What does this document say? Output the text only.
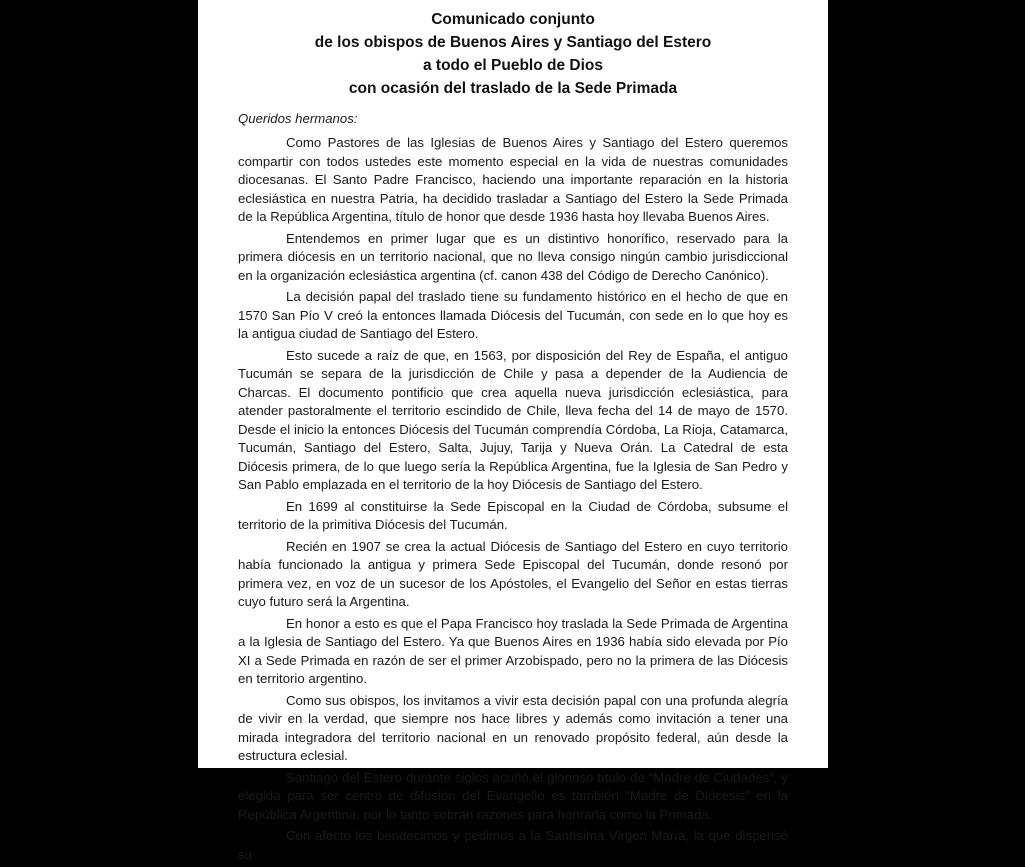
Comunicado conjunto
de los obispos de Buenos Aires y Santiago del Estero
a todo el Pueblo de Dios
con ocasión del traslado de la Sede Primada

Queridos hermanos:

Como Pastores de las Iglesias de Buenos Aires y Santiago del Estero queremos compartir con todos ustedes este momento especial en la vida de nuestras comunidades diocesanas. El Santo Padre Francisco, haciendo una importante reparación en la historia eclesiástica en nuestra Patria, ha decidido trasladar a Santiago del Estero la Sede Primada de la República Argentina, título de honor que desde 1936 hasta hoy llevaba Buenos Aires.

Entendemos en primer lugar que es un distintivo honorífico, reservado para la primera diócesis en un territorio nacional, que no lleva consigo ningún cambio jurisdiccional en la organización eclesiástica argentina (cf. canon 438 del Código de Derecho Canónico).

La decisión papal del traslado tiene su fundamento histórico en el hecho de que en 1570 San Pío V creó la entonces llamada Diócesis del Tucumán, con sede en lo que hoy es la antigua ciudad de Santiago del Estero.

Esto sucede a raíz de que, en 1563, por disposición del Rey de España, el antiguo Tucumán se separa de la jurisdicción de Chile y pasa a depender de la Audiencia de Charcas. El documento pontificio que crea aquella nueva jurisdicción eclesiástica, para atender pastoralmente el territorio escindido de Chile, lleva fecha del 14 de mayo de 1570. Desde el inicio la entonces Diócesis del Tucumán comprendía Córdoba, La Rioja, Catamarca, Tucumán, Santiago del Estero, Salta, Jujuy, Tarija y Nueva Orán. La Catedral de esta Diócesis primera, de lo que luego sería la República Argentina, fue la Iglesia de San Pedro y San Pablo emplazada en el territorio de la hoy Diócesis de Santiago del Estero.

En 1699 al constituirse la Sede Episcopal en la Ciudad de Córdoba, subsume el territorio de la primitiva Diócesis del Tucumán.

Recién en 1907 se crea la actual Diócesis de Santiago del Estero en cuyo territorio había funcionado la antigua y primera Sede Episcopal del Tucumán, donde resonó por primera vez, en voz de un sucesor de los Apóstoles, el Evangelio del Señor en estas tierras cuyo futuro será la Argentina.

En honor a esto es que el Papa Francisco hoy traslada la Sede Primada de Argentina a la Iglesia de Santiago del Estero. Ya que Buenos Aires en 1936 había sido elevada por Pío XI a Sede Primada en razón de ser el primer Arzobispado, pero no la primera de las Diócesis en territorio argentino.

Como sus obispos, los invitamos a vivir esta decisión papal con una profunda alegría de vivir en la verdad, que siempre nos hace libres y además como invitación a tener una mirada integradora del territorio nacional en un renovado propósito federal, aún desde la estructura eclesial.

Santiago del Estero durante siglos acuñó el glorioso título de “Madre de Ciudades”, y elegida para ser centro de difusión del Evangelio es también “Madre de Diócesis” en la República Argentina; por lo tanto sobran razones para honrarla como la Primada.

Con afecto los bendecimos y pedimos a la Santísima Virgen María, la que dispensó su
